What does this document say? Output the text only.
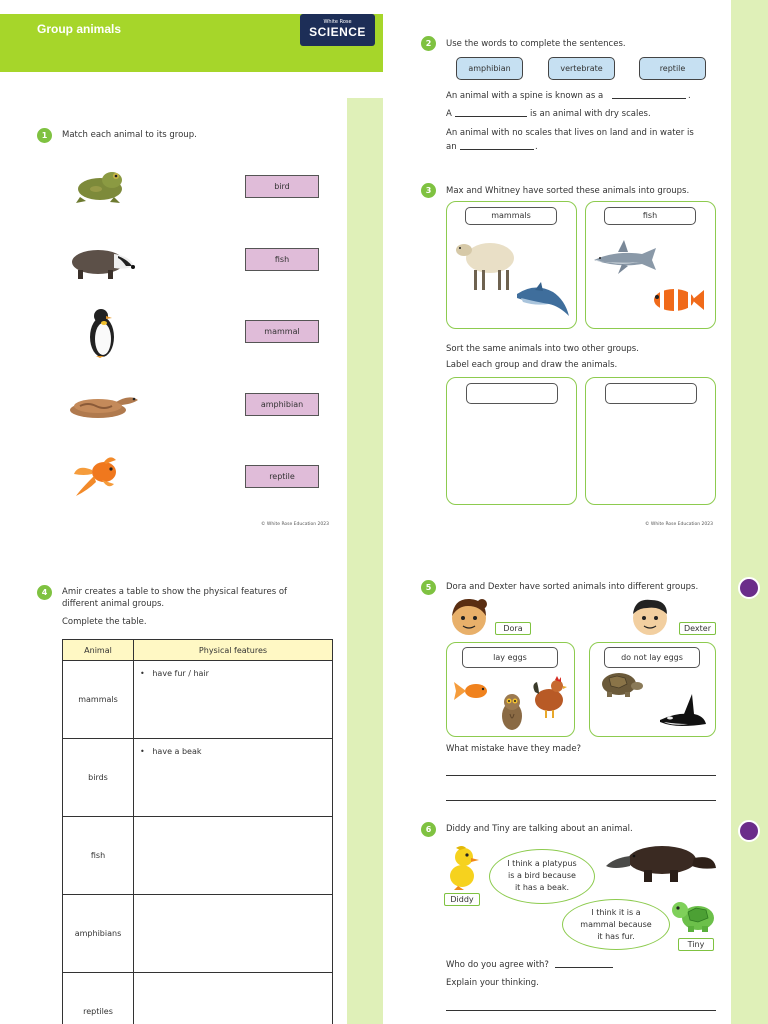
Group animals	White Rose
SCIENCE
1	Match each animal to its group.
bird
fish
mammal
amphibian
reptile
© White Rose Education 2023
2	Use the words to complete the sentences.
amphibian	vertebrate	reptile
An animal with a spine is known as a	.
A	is an animal with dry scales.
An animal with no scales that lives on land and in water is
an	.
3	Max and Whitney have sorted these animals into groups.
mammals	fish
Sort the same animals into two other groups.
Label each group and draw the animals.
© White Rose Education 2023
4	Amir creates a table to show the physical features of
different animal groups.
Complete the table.
Animal	Physical features
mammals	•   have fur / hair
birds	•   have a beak
fish	
amphibians	
reptiles	
5	Dora and Dexter have sorted animals into different groups.
Dora	Dexter
lay eggs	do not lay eggs
What mistake have they made?
6	Diddy and Tiny are talking about an animal.
Diddy
I think a platypus
is a bird because
it has a beak.
I think it is a
mammal because
it has fur.
Tiny
Who do you agree with?
Explain your thinking.
